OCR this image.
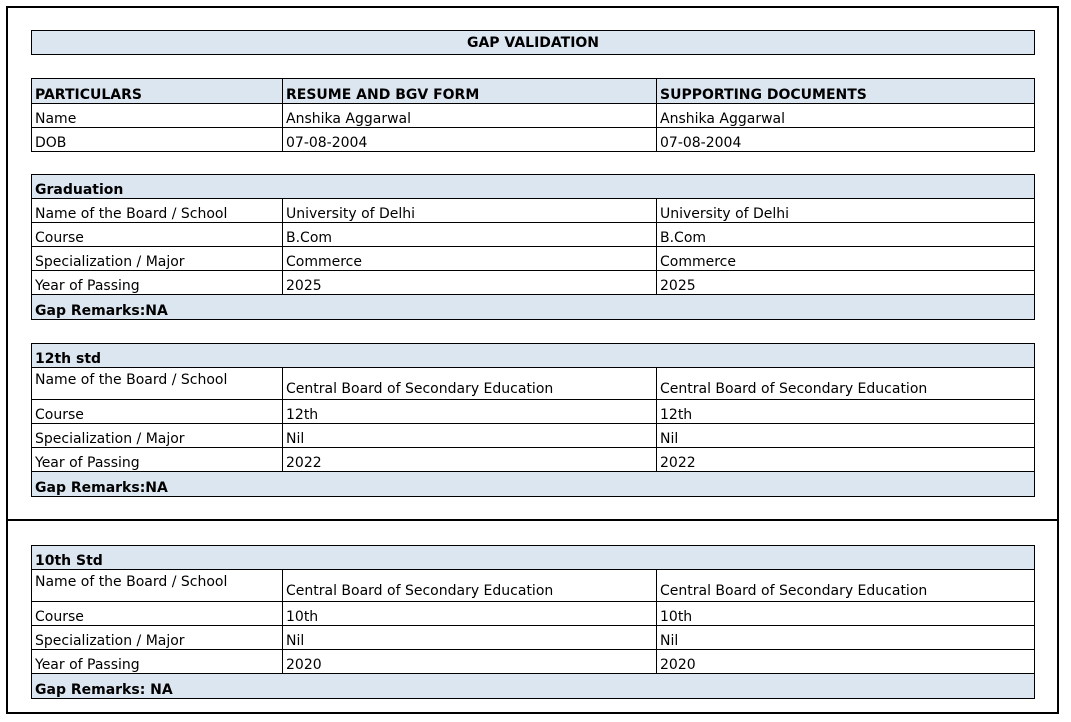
GAP VALIDATION
PARTICULARS	RESUME AND BGV FORM	SUPPORTING DOCUMENTS
Name	Anshika Aggarwal	Anshika Aggarwal
DOB	07-08-2004	07-08-2004
Graduation		
Name of the Board / School	University of Delhi	University of Delhi
Course	B.Com	B.Com
Specialization / Major	Commerce	Commerce
Year of Passing	2025	2025
Gap Remarks:NA		
12th std		
Name of the Board / School	Central Board of Secondary Education	Central Board of Secondary Education
Course	12th	12th
Specialization / Major	Nil	Nil
Year of Passing	2022	2022
Gap Remarks:NA		
10th Std		
Name of the Board / School	Central Board of Secondary Education	Central Board of Secondary Education
Course	10th	10th
Specialization / Major	Nil	Nil
Year of Passing	2020	2020
Gap Remarks: NA		
